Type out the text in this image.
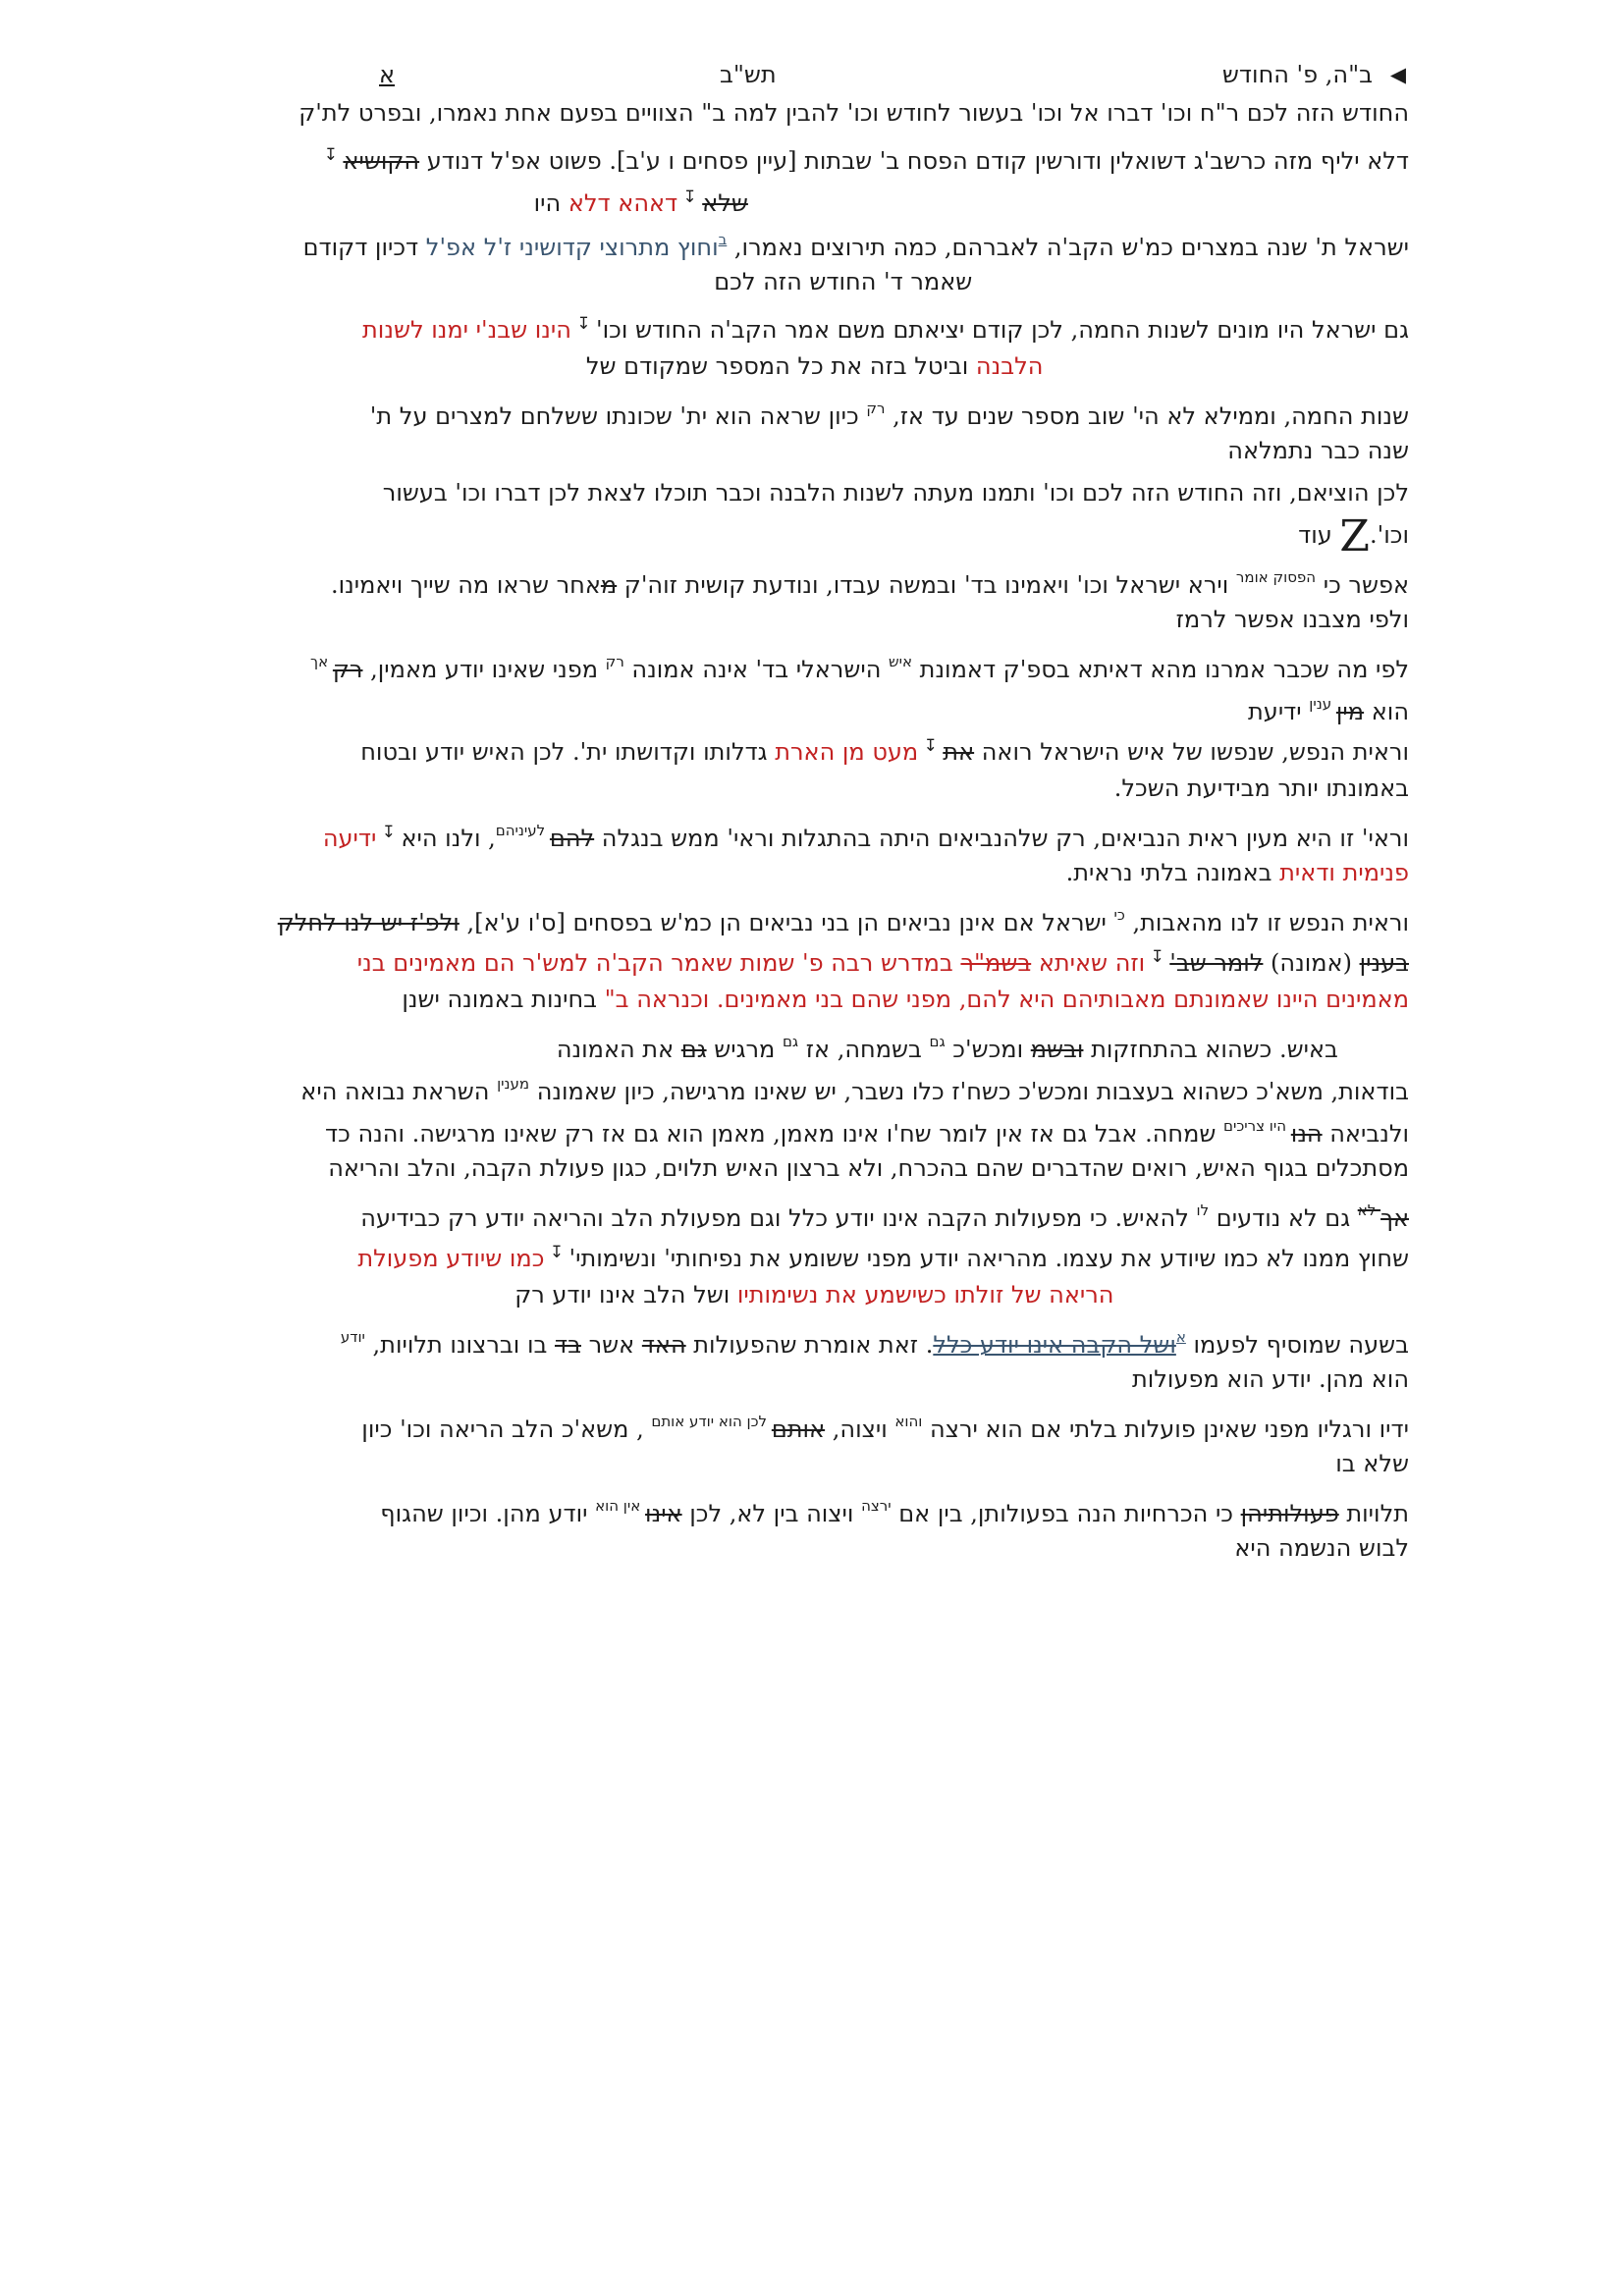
◀
ב"ה, פ' החודש
תש"ב
א
החודש הזה לכם ר"ח וכו' דברו אל וכו' בעשור לחודש וכו' להבין למה ב" הצוויים בפעם אחת נאמרו, ובפרט לת'ק
דלא יליף מזה כרשב'ג דשואלין ודורשין קודם הפסח ב' שבתות [עיין פסחים ו ע'ב]. פשוט אפ'ל דנודע הקושיא ↧
שלא ↧ דאהא דלא היו
ישראל ת' שנה במצרים כמ'ש הקב'ה לאברהם, כמה תירוצים נאמרו, $^ב$וחוץ מתרוצי קדושיני ז'ל אפ'ל דכיון דקודם
שאמר ד' החודש הזה לכם
גם ישראל היו מונים לשנות החמה, לכן קודם יציאתם משם אמר הקב'ה החודש וכו' ↧ הינו שבנ'י ימנו לשנות
הלבנה וביטל בזה את כל המספר שמקודם של
שנות החמה, וממילא לא הי' שוב מספר שנים עד אז, $^{רק}$ כיון שראה הוא ית' שכונתו ששלחם למצרים על ת'
שנה כבר נתמלאה
לכן הוציאם, וזה החודש הזה לכם וכו' ותמנו מעתה לשנות הלבנה וכבר תוכלו לצאת לכן דברו וכו' בעשור
וכו'.Z עוד
אפשר כי $^{הפסוק אומר}$ וירא ישראל וכו' ויאמינו בד' ובמשה עבדו, ונודעת קושית זוה'ק מאחר שראו מה שייך ויאמינו.
ולפי מצבנו אפשר לרמז
לפי מה שכבר אמרנו מהא דאיתא בספ'ק דאמונת $^{איש}$ הישראלי בד' אינה אמונה $^{רק}$ מפני שאינו יודע מאמין, רק $^{אך}$
הוא מין $^{ענין}$ ידיעת
וראית הנפש, שנפשו של איש הישראל רואה את ↧ מעט מן הארת גדלותו וקדושתו ית'. לכן האיש יודע ובטוח
באמונתו יותר מבידיעת השכל.
וראי' זו היא מעין ראית הנביאים, רק שלהנביאים היתה בהתגלות וראי' ממש בנגלה להם $^{לעיניהם}$, ולנו היא ↧ ידיעה
פנימית ודאית באמונה בלתי נראית.
וראית הנפש זו לנו מהאבות, $^{כי}$ ישראל אם אינן נביאים הן בני נביאים הן כמ'ש בפסחים [ס'ו ע'א], ולפ'ז יש לנו לחלק
בענין (אמונה) לומר שב' ↧ וזה שאיתא בשמ"ר במדרש רבה פ' שמות שאמר הקב'ה למש'ר הם מאמינים בני
מאמינים היינו שאמונתם מאבותיהם היא להם, מפני שהם בני מאמינים. וכנראה ב" בחינות באמונה ישנן
באיש. כשהוא בהתחזקות ובשמ ומכש'כ $^{גם}$ בשמחה, אז $^{גם}$ מרגיש גם את האמונה
בודאות, משא'כ כשהוא בעצבות ומכש'כ כשח'ז כלו נשבר, יש שאינו מרגישה, כיון שאמונה $^{מענין}$ השראת נבואה היא
ולנביאה הנו $^{היו צריכים}$ שמחה. אבל גם אז אין לומר שח'ו אינו מאמן, מאמן הוא גם אז רק שאינו מרגישה. והנה כד
מסתכלים בגוף האיש, רואים שהדברים שהם בהכרח, ולא ברצון האיש תלוים, כגון פעולת הקבה, והלב והריאה
אך $^{לא}$ גם לא נודעים $^{לו}$ להאיש. כי מפעולות הקבה אינו יודע כלל וגם מפעולת הלב והריאה יודע רק כבידיעה
שחוץ ממנו לא כמו שיודע את עצמו. מהריאה יודע מפני ששומע את נפיחותי' ונשימותי' ↧ כמו שיודע מפעולת
הריאה של זולתו כשישמע את נשימותיו ושל הלב אינו יודע רק
בשעה שמוסיף לפעמו $^א$ושל הקבה אינו יודע כלל. זאת אומרת שהפעולות האד אשר בד בו וברצונו תלויות, $^{יודע}$
הוא מהן. יודע הוא מפעולות
ידיו ורגליו מפני שאינן פועלות בלתי אם הוא ירצה $^{והוא}$ ויצוה, אותם $^{לכן הוא יודע אותם}$ , משא'כ הלב הריאה וכו' כיון
שלא בו
תלויות פעולותיהן כי הכרחיות הנה בפעולותן, בין אם $^{ירצה}$ ויצוה בין לא, לכן אינו $^{אין הוא}$ יודע מהן. וכיון שהגוף
לבוש הנשמה היא
